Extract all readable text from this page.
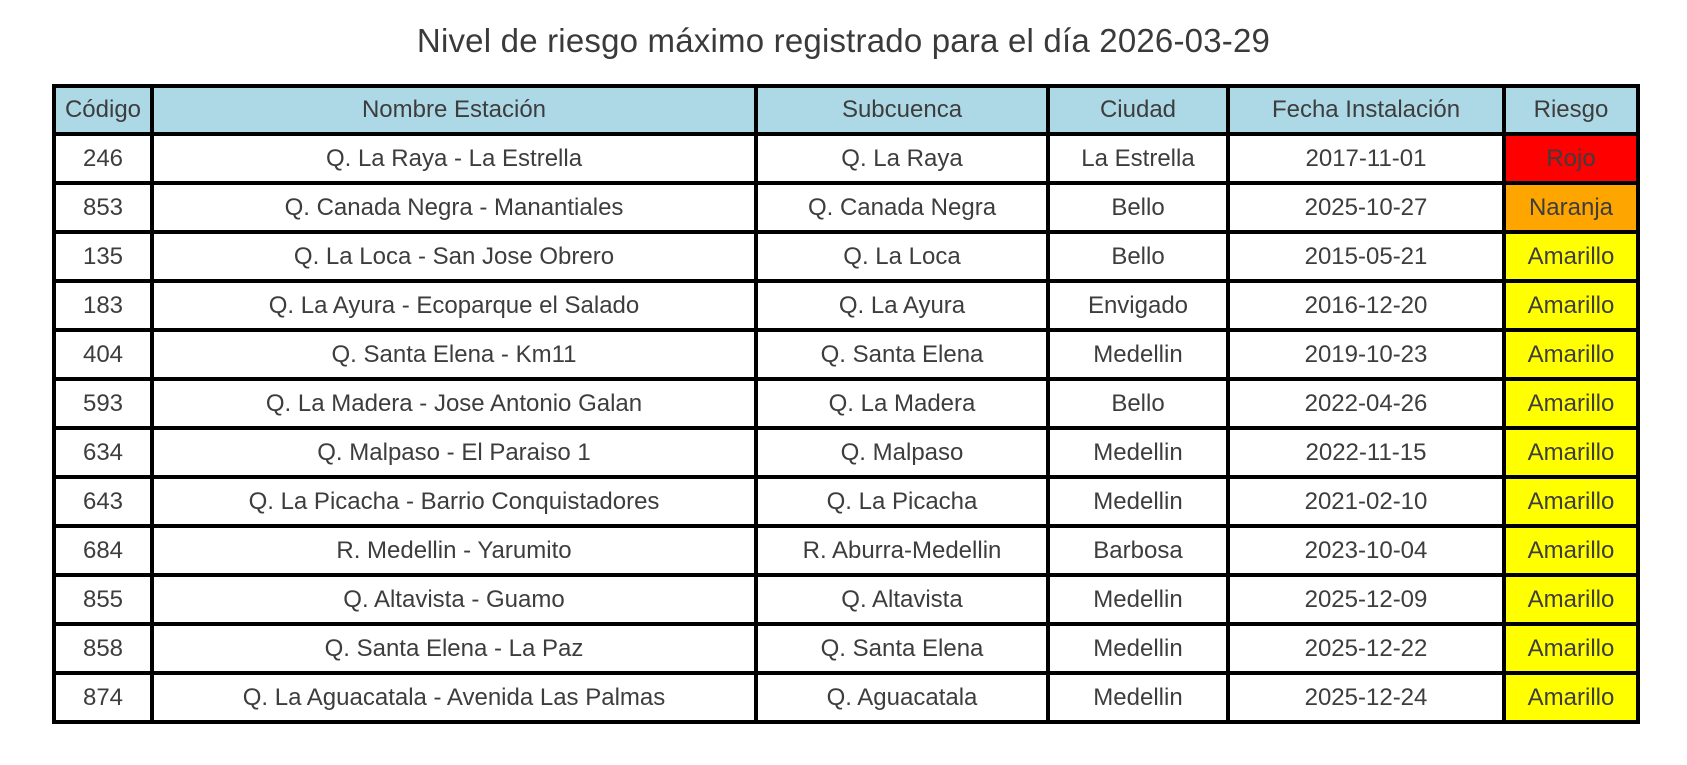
Nivel de riesgo máximo registrado para el día 2026-03-29
Código	Nombre Estación	Subcuenca	Ciudad	Fecha Instalación	Riesgo
246	Q. La Raya - La Estrella	Q. La Raya	La Estrella	2017-11-01	Rojo
853	Q. Canada Negra - Manantiales	Q. Canada Negra	Bello	2025-10-27	Naranja
135	Q. La Loca - San Jose Obrero	Q. La Loca	Bello	2015-05-21	Amarillo
183	Q. La Ayura - Ecoparque el Salado	Q. La Ayura	Envigado	2016-12-20	Amarillo
404	Q. Santa Elena - Km11	Q. Santa Elena	Medellin	2019-10-23	Amarillo
593	Q. La Madera - Jose Antonio Galan	Q. La Madera	Bello	2022-04-26	Amarillo
634	Q. Malpaso - El Paraiso 1	Q. Malpaso	Medellin	2022-11-15	Amarillo
643	Q. La Picacha - Barrio Conquistadores	Q. La Picacha	Medellin	2021-02-10	Amarillo
684	R. Medellin - Yarumito	R. Aburra-Medellin	Barbosa	2023-10-04	Amarillo
855	Q. Altavista - Guamo	Q. Altavista	Medellin	2025-12-09	Amarillo
858	Q. Santa Elena - La Paz	Q. Santa Elena	Medellin	2025-12-22	Amarillo
874	Q. La Aguacatala - Avenida Las Palmas	Q. Aguacatala	Medellin	2025-12-24	Amarillo
